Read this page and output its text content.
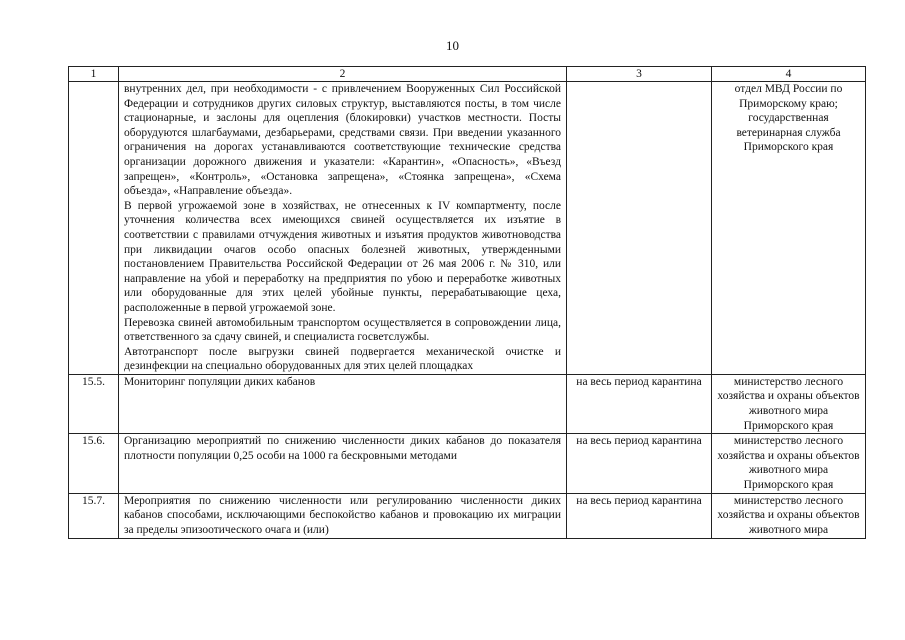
10
1	2	3	4

	внутренних дел, при необходимости - с привлечением Вооруженных Сил Российской Федерации и сотрудников других силовых структур, выставляются посты, в том числе стационарные, и заслоны для оцепления (блокировки) участков местности. Посты оборудуются шлагбаумами, дезбарьерами, средствами связи. При введении указанного ограничения на дорогах устанавливаются соответствующие технические средства организации дорожного движения и указатели: «Карантин», «Опасность», «Въезд запрещен», «Контроль», «Остановка запрещена», «Стоянка запрещена», «Схема объезда», «Направление объезда».
В первой угрожаемой зоне в хозяйствах, не отнесенных к IV компартменту, после уточнения количества всех имеющихся свиней осуществляется их изъятие в соответствии с правилами отчуждения животных и изъятия продуктов животноводства при ликвидации очагов особо опасных болезней животных, утвержденными постановлением Правительства Российской Федерации от 26 мая 2006 г. № 310, или направление на убой и переработку на предприятия по убою и переработке животных или оборудованные для этих целей убойные пункты, перерабатывающие цеха, расположенные в первой угрожаемой зоне.
Перевозка свиней автомобильным транспортом осуществляется в сопровождении лица, ответственного за сдачу свиней, и специалиста госветслужбы.
Автотранспорт после выгрузки свиней подвергается механической очистке и дезинфекции на специально оборудованных для этих целей площадках		отдел МВД России по Приморскому краю; государственная ветеринарная служба Приморского края
15.5.	Мониторинг популяции диких кабанов	на весь период карантина	министерство лесного хозяйства и охраны объектов животного мира Приморского края
15.6.	Организацию мероприятий по снижению численности диких кабанов до показателя плотности популяции 0,25 особи на 1000 га бескровными методами	на весь период карантина	министерство лесного хозяйства и охраны объектов животного мира Приморского края

15.7.	Мероприятия по снижению численности или регулированию численности диких кабанов способами, исключающими беспокойство кабанов и провокацию их миграции за пределы эпизоотического очага и (или)	на весь период карантина	министерство лесного хозяйства и охраны объектов животного мира
